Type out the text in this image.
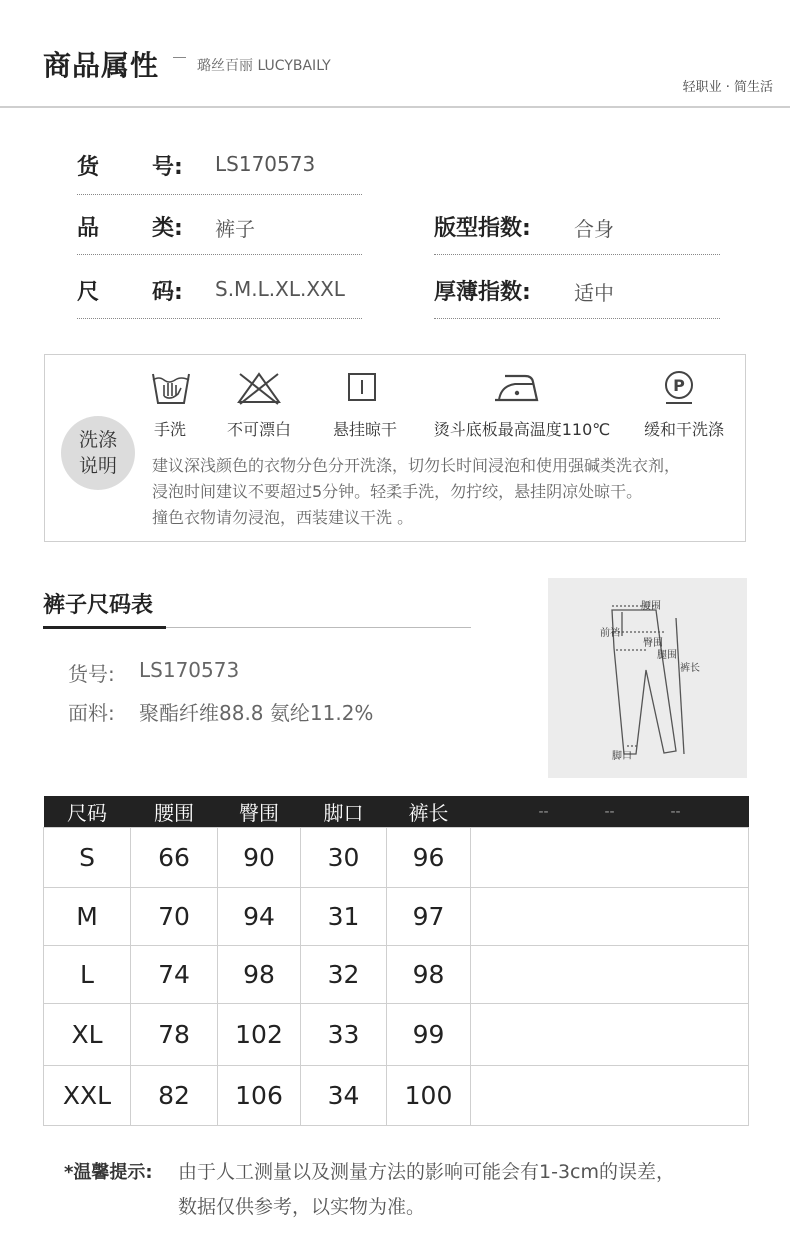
商品属性	璐丝百丽 LUCYBAILY
轻职业 · 简生活
货 号: LS170573
品 类: 裤子
尺 码: S.M.L.XL.XXL
版型指数: 合身
厚薄指数: 适中
洗涤
说明
P
手洗	不可漂白	悬挂晾干	烫斗底板最高温度110℃	缓和干洗涤
建议深浅颜色的衣物分色分开洗涤，切勿长时间浸泡和使用强碱类洗衣剂，
浸泡时间建议不要超过5分钟。轻柔手洗，勿拧绞，悬挂阴凉处晾干。
撞色衣物请勿浸泡，西装建议干洗 。
裤子尺码表
货号: LS170573
面料: 聚酯纤维88.8 氨纶11.2%
腰围
前裆
臀围
腿围
裤长
脚口
尺码	腰围	臀围	脚口	裤长	-- -- --
S	66	90	30	96	
M	70	94	31	97	
L	74	98	32	98	
XL	78	102	33	99	
XXL	82	106	34	100	
*温馨提示: 由于人工测量以及测量方法的影响可能会有1-3cm的误差，
数据仅供参考，以实物为准。
